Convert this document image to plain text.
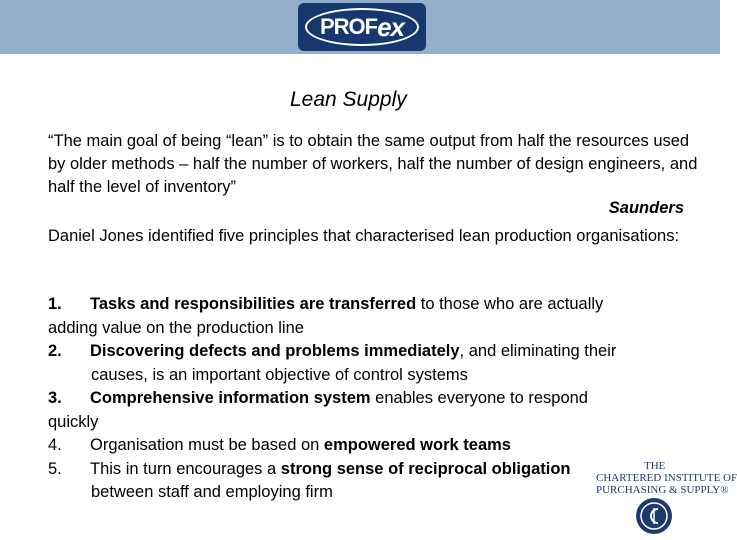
PROF ex
Lean Supply
“The main goal of being “lean” is to obtain the same output from half the resources used by older methods – half the number of workers, half the number of design engineers, and half the level of inventory”
Saunders
Daniel Jones identified five principles that characterised lean production organisations:
1. Tasks and responsibilities are transferred to those who are actually
adding value on the production line
2. Discovering defects and problems immediately, and eliminating their
causes, is an important objective of control systems
3. Comprehensive information system enables everyone to respond
quickly
4. Organisation must be based on empowered work teams
5. This in turn encourages a strong sense of reciprocal obligation
between staff and employing firm
THE
CHARTERED INSTITUTE OF
PURCHASING & SUPPLY®
